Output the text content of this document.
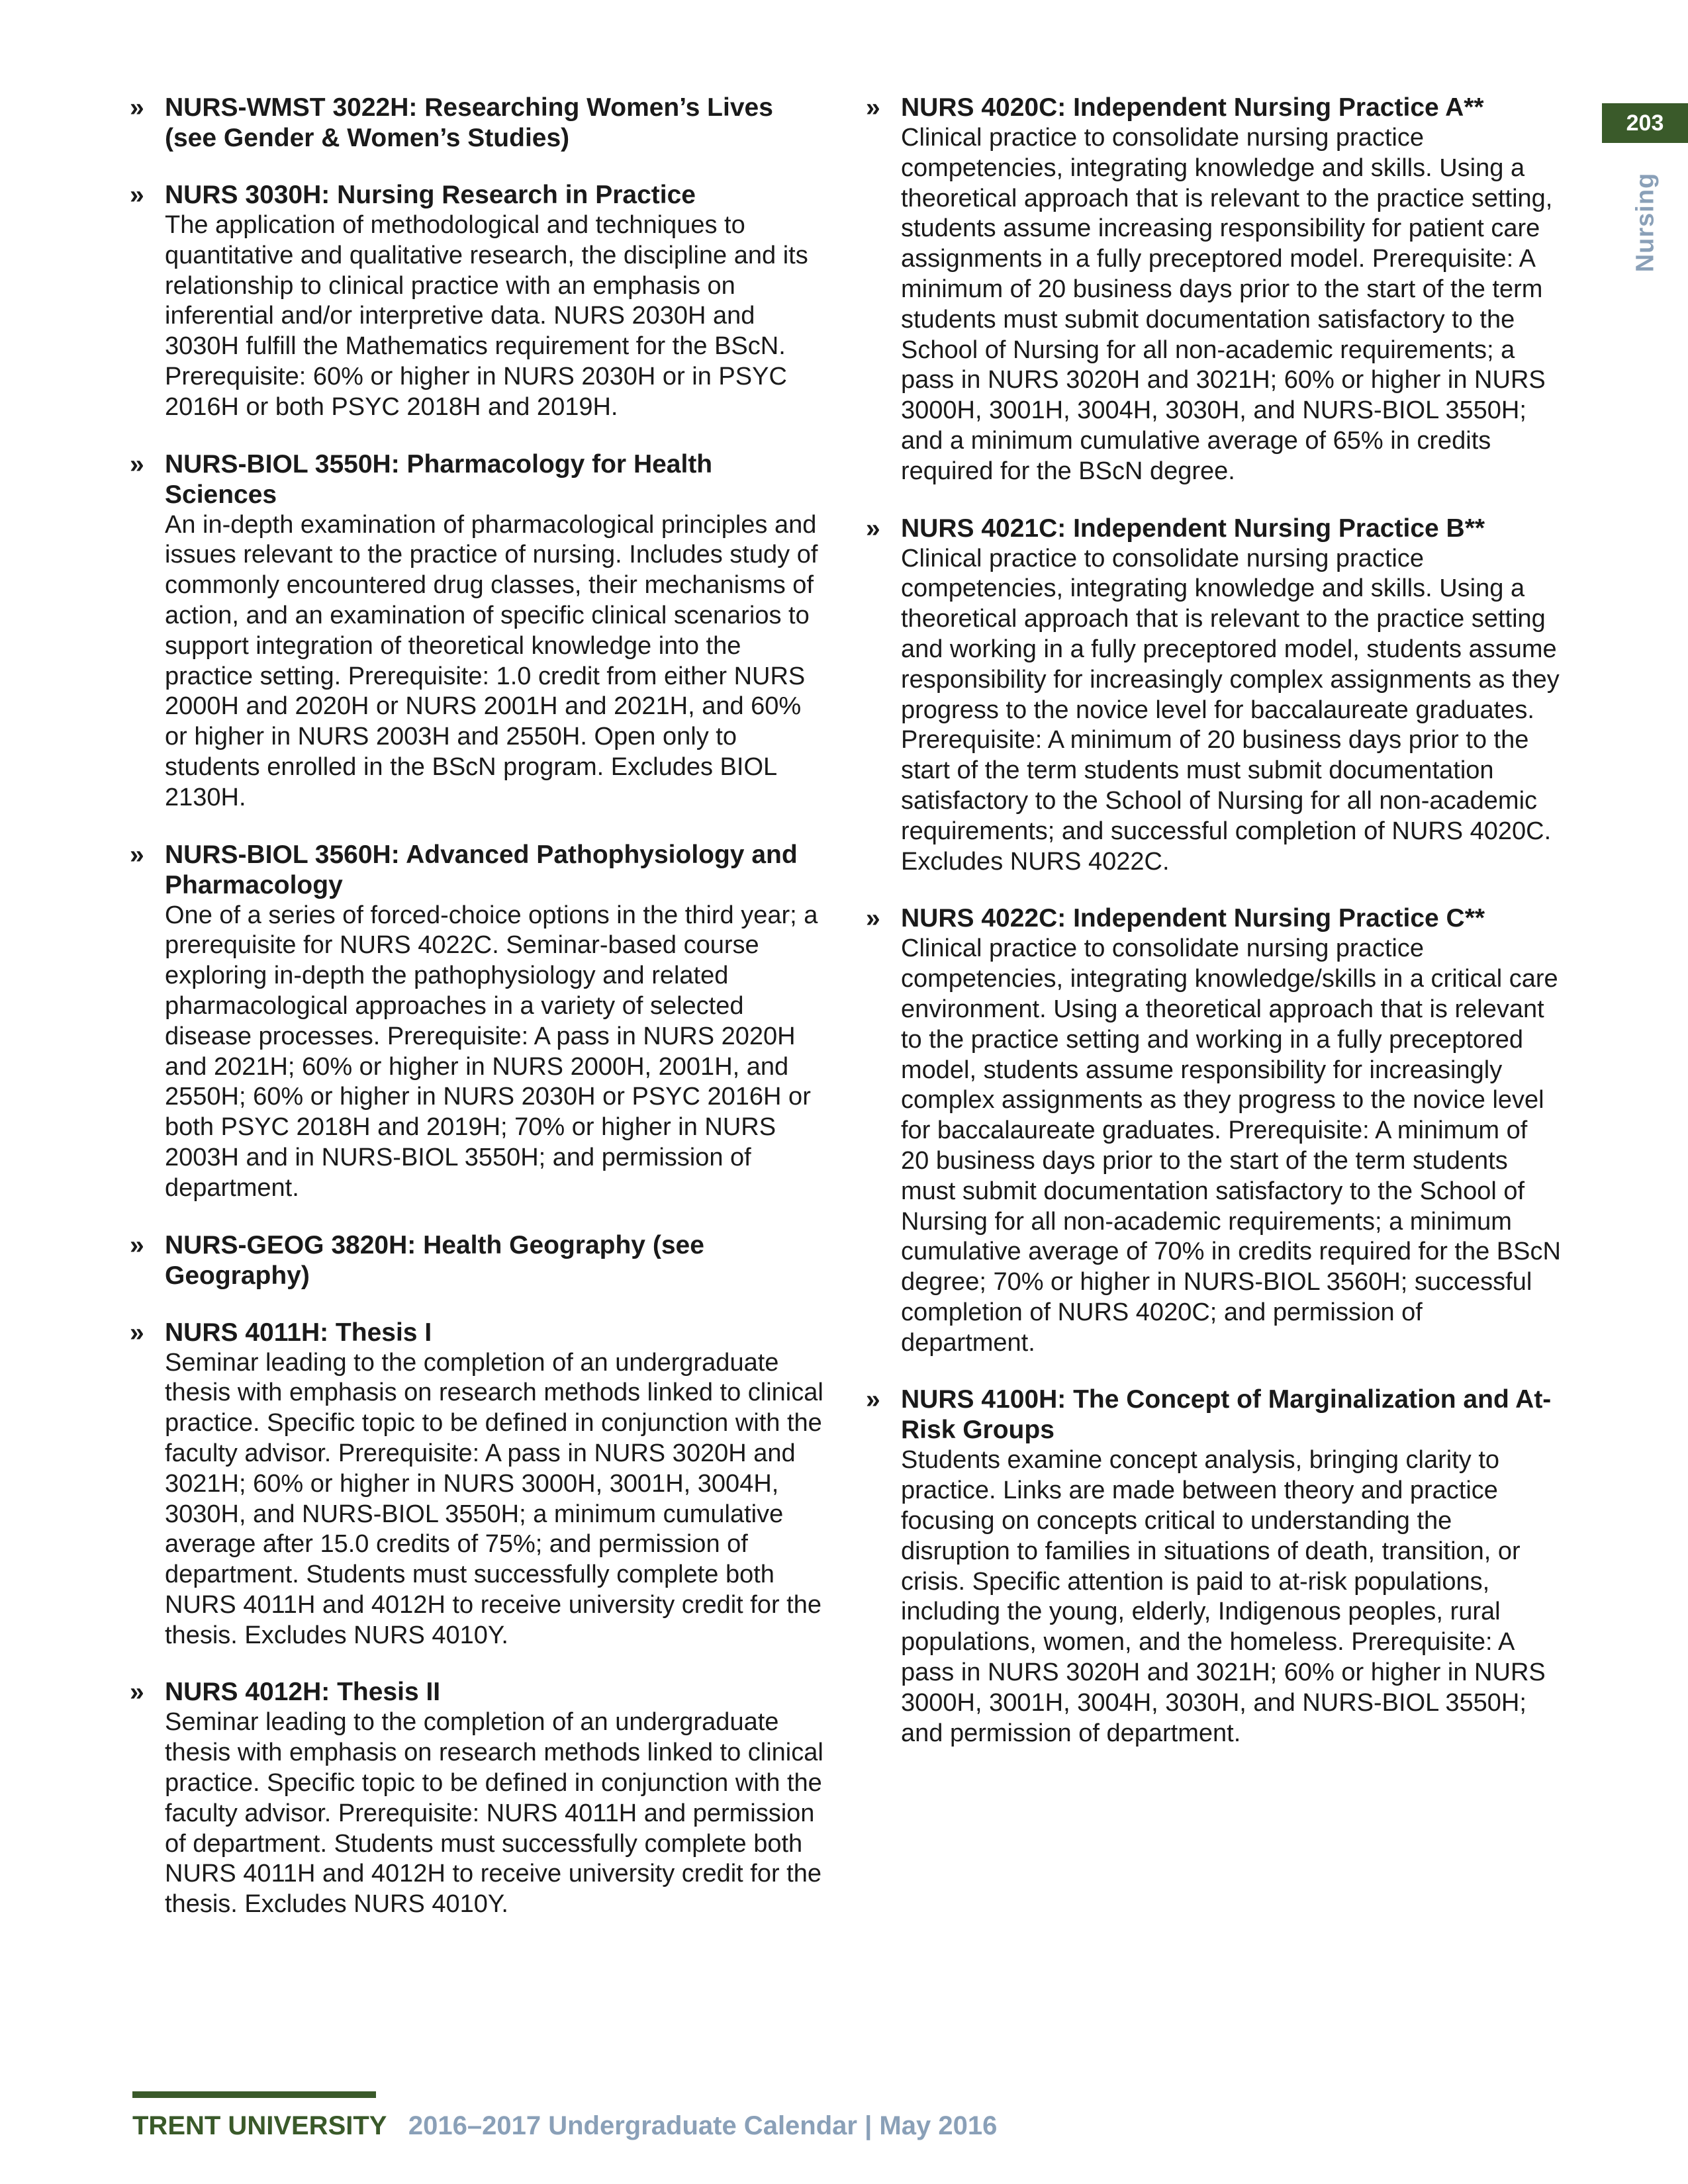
203
Nursing
» NURS-WMST 3022H: Researching Women’s Lives (see Gender & Women’s Studies)
» NURS 3030H: Nursing Research in Practice
The application of methodological and techniques to quantitative and qualitative research, the discipline and its relationship to clinical practice with an emphasis on inferential and/or interpretive data. NURS 2030H and 3030H fulfill the Mathematics requirement for the BScN. Prerequisite: 60% or higher in NURS 2030H or in PSYC 2016H or both PSYC 2018H and 2019H.
» NURS-BIOL 3550H: Pharmacology for Health Sciences
An in-depth examination of pharmacological principles and issues relevant to the practice of nursing. Includes study of commonly encountered drug classes, their mechanisms of action, and an examination of specific clinical scenarios to support integration of theoretical knowledge into the practice setting. Prerequisite: 1.0 credit from either NURS 2000H and 2020H or NURS 2001H and 2021H, and 60% or higher in NURS 2003H and 2550H. Open only to students enrolled in the BScN program. Excludes BIOL 2130H.
» NURS-BIOL 3560H: Advanced Pathophysiology and Pharmacology
One of a series of forced-choice options in the third year; a prerequisite for NURS 4022C. Seminar-based course exploring in-depth the pathophysiology and related pharmacological approaches in a variety of selected disease processes. Prerequisite: A pass in NURS 2020H and 2021H; 60% or higher in NURS 2000H, 2001H, and 2550H; 60% or higher in NURS 2030H or PSYC 2016H or both PSYC 2018H and 2019H; 70% or higher in NURS 2003H and in NURS-BIOL 3550H; and permission of department.
» NURS-GEOG 3820H: Health Geography (see Geography)
» NURS 4011H: Thesis I
Seminar leading to the completion of an undergraduate thesis with emphasis on research methods linked to clinical practice. Specific topic to be defined in conjunction with the faculty advisor. Prerequisite: A pass in NURS 3020H and 3021H; 60% or higher in NURS 3000H, 3001H, 3004H, 3030H, and NURS-BIOL 3550H; a minimum cumulative average after 15.0 credits of 75%; and permission of department. Students must successfully complete both NURS 4011H and 4012H to receive university credit for the thesis. Excludes NURS 4010Y.
» NURS 4012H: Thesis II
Seminar leading to the completion of an undergraduate thesis with emphasis on research methods linked to clinical practice. Specific topic to be defined in conjunction with the faculty advisor. Prerequisite: NURS 4011H and permission of department. Students must successfully complete both NURS 4011H and 4012H to receive university credit for the thesis. Excludes NURS 4010Y.
» NURS 4020C: Independent Nursing Practice A**
Clinical practice to consolidate nursing practice competencies, integrating knowledge and skills. Using a theoretical approach that is relevant to the practice setting, students assume increasing responsibility for patient care assignments in a fully preceptored model. Prerequisite: A minimum of 20 business days prior to the start of the term students must submit documentation satisfactory to the School of Nursing for all non-academic requirements; a pass in NURS 3020H and 3021H; 60% or higher in NURS 3000H, 3001H, 3004H, 3030H, and NURS-BIOL 3550H; and a minimum cumulative average of 65% in credits required for the BScN degree.
» NURS 4021C: Independent Nursing Practice B**
Clinical practice to consolidate nursing practice competencies, integrating knowledge and skills. Using a theoretical approach that is relevant to the practice setting and working in a fully preceptored model, students assume responsibility for increasingly complex assignments as they progress to the novice level for baccalaureate graduates. Prerequisite: A minimum of 20 business days prior to the start of the term students must submit documentation satisfactory to the School of Nursing for all non-academic requirements; and successful completion of NURS 4020C. Excludes NURS 4022C.
» NURS 4022C: Independent Nursing Practice C**
Clinical practice to consolidate nursing practice competencies, integrating knowledge/skills in a critical care environment. Using a theoretical approach that is relevant to the practice setting and working in a fully preceptored model, students assume responsibility for increasingly complex assignments as they progress to the novice level for baccalaureate graduates. Prerequisite: A minimum of 20 business days prior to the start of the term students must submit documentation satisfactory to the School of Nursing for all non-academic requirements; a minimum cumulative average of 70% in credits required for the BScN degree; 70% or higher in NURS-BIOL 3560H; successful completion of NURS 4020C; and permission of department.
» NURS 4100H: The Concept of Marginalization and At-Risk Groups
Students examine concept analysis, bringing clarity to practice. Links are made between theory and practice focusing on concepts critical to understanding the disruption to families in situations of death, transition, or crisis. Specific attention is paid to at-risk populations, including the young, elderly, Indigenous peoples, rural populations, women, and the homeless. Prerequisite: A pass in NURS 3020H and 3021H; 60% or higher in NURS 3000H, 3001H, 3004H, 3030H, and NURS-BIOL 3550H; and permission of department.
TRENT UNIVERSITY 2016–2017 Undergraduate Calendar | May 2016
